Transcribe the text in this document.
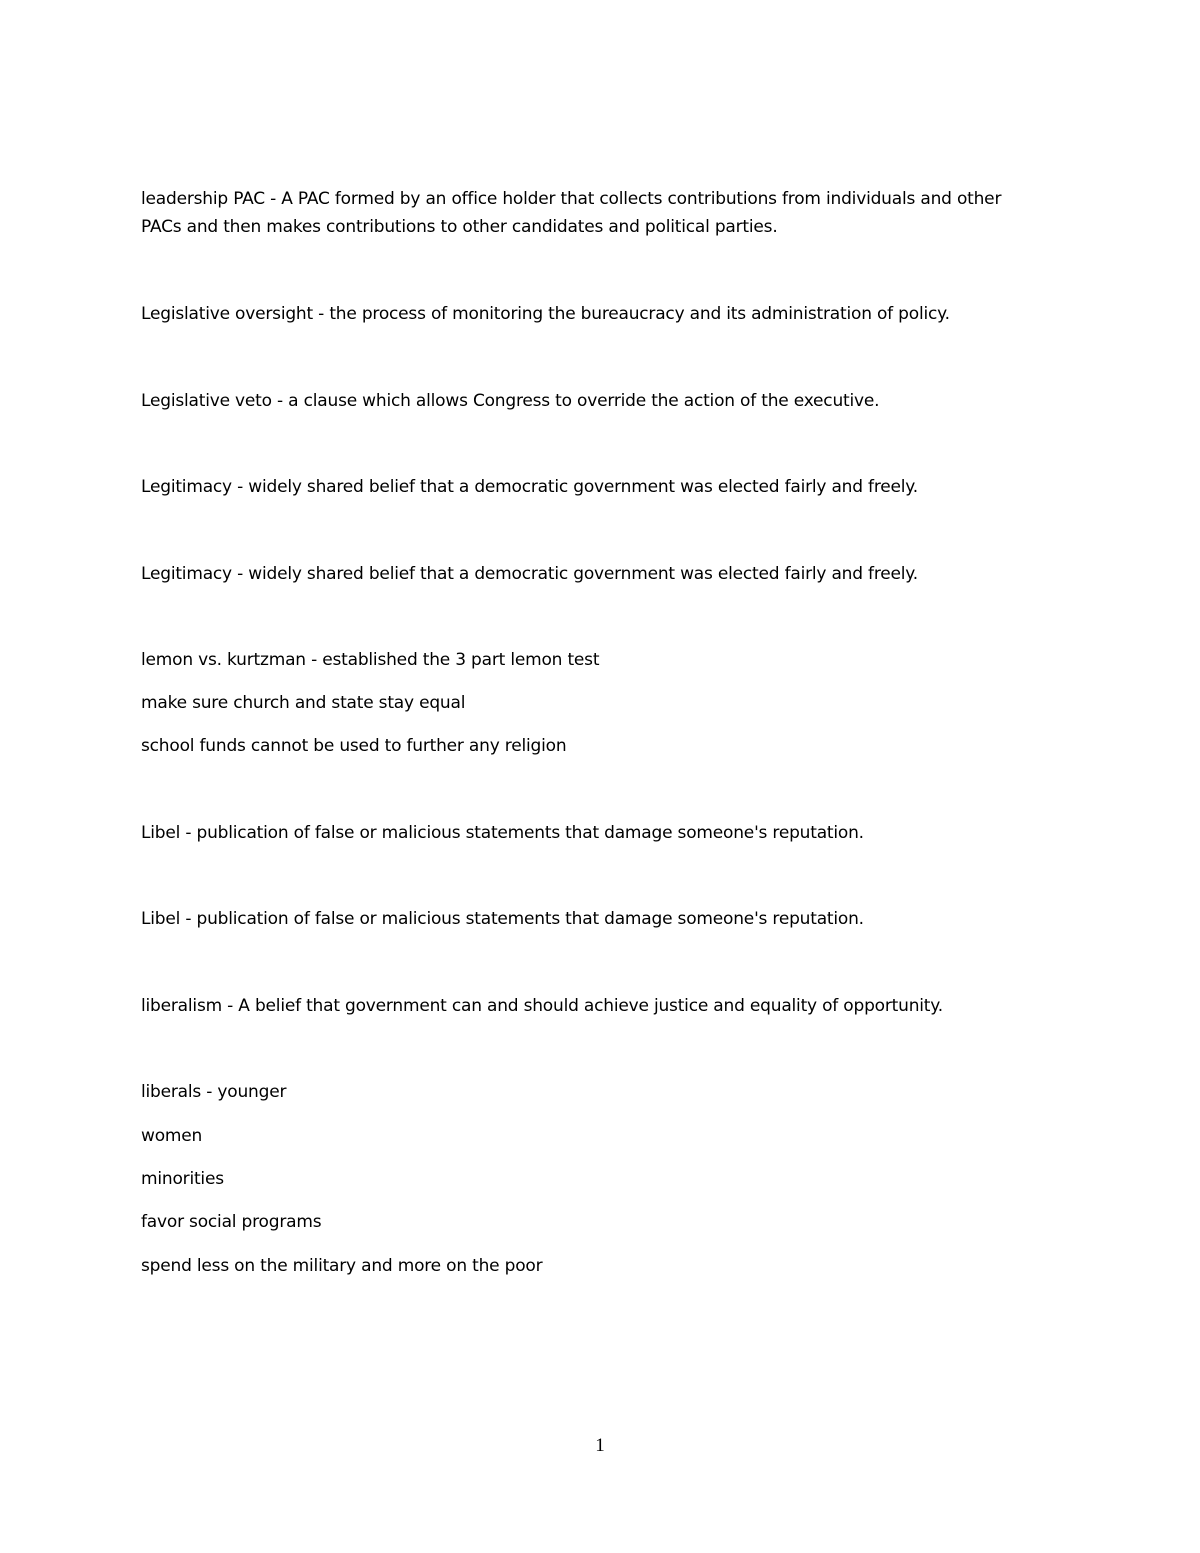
leadership PAC - A PAC formed by an office holder that collects contributions from individuals and other

PACs and then makes contributions to other candidates and political parties.

Legislative oversight - the process of monitoring the bureaucracy and its administration of policy.

Legislative veto - a clause which allows Congress to override the action of the executive.

Legitimacy - widely shared belief that a democratic government was elected fairly and freely.

Legitimacy - widely shared belief that a democratic government was elected fairly and freely.

lemon vs. kurtzman - established the 3 part lemon test

make sure church and state stay equal

school funds cannot be used to further any religion

Libel - publication of false or malicious statements that damage someone's reputation.

Libel - publication of false or malicious statements that damage someone's reputation.

liberalism - A belief that government can and should achieve justice and equality of opportunity.

liberals - younger

women

minorities

favor social programs

spend less on the military and more on the poor

1
